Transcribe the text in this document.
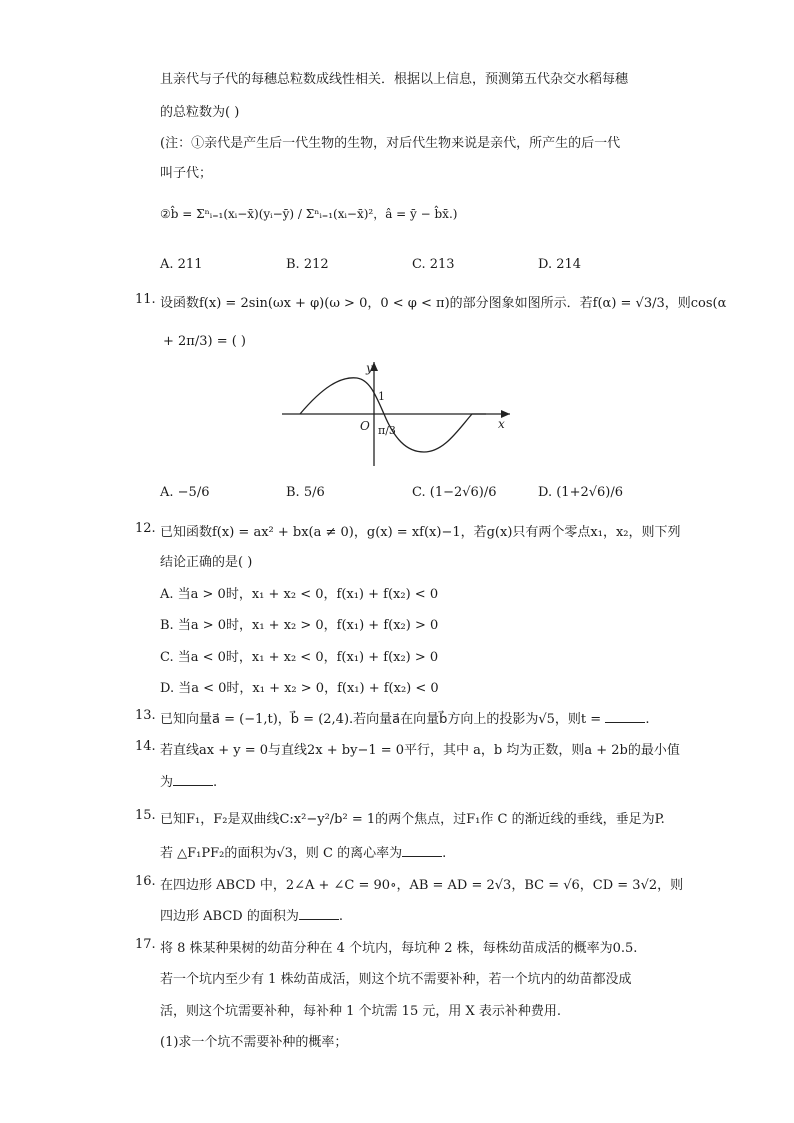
且亲代与子代的每穗总粒数成线性相关．根据以上信息，预测第五代杂交水稻每穗
的总粒数为( )
(注：①亲代是产生后一代生物的生物，对后代生物来说是亲代，所产生的后一代
叫子代；
②b̂ = Σⁿᵢ₌₁(xᵢ−x̄)(yᵢ−ȳ) / Σⁿᵢ₌₁(xᵢ−x̄)²，â = ȳ − b̂x̄.)
A. 211	B. 212	C. 213	D. 214
11. 设函数f(x) = 2sin(ωx + φ)(ω > 0，0 < φ < π)的部分图象如图所示．若f(α) = √3/3，则cos(α
+ 2π/3) = ( )
y
x
O
1
π/3
A. −5/6	B. 5/6	C. (1−2√6)/6	D. (1+2√6)/6
12. 已知函数f(x) = ax² + bx(a ≠ 0)，g(x) = xf(x)−1，若g(x)只有两个零点x₁，x₂，则下列
结论正确的是( )
A. 当a > 0时，x₁ + x₂ < 0，f(x₁) + f(x₂) < 0
B. 当a > 0时，x₁ + x₂ > 0，f(x₁) + f(x₂) > 0
C. 当a < 0时，x₁ + x₂ < 0，f(x₁) + f(x₂) > 0
D. 当a < 0时，x₁ + x₂ > 0，f(x₁) + f(x₂) < 0
13. 已知向量a⃗ = (−1,t)，b⃗ = (2,4).若向量a⃗在向量b⃗方向上的投影为√5，则t =	.
14. 若直线ax + y = 0与直线2x + by−1 = 0平行，其中 a，b 均为正数，则a + 2b的最小值
为	.
15. 已知F₁，F₂是双曲线C:x²−y²/b² = 1的两个焦点，过F₁作 C 的渐近线的垂线，垂足为P.
若 △F₁PF₂的面积为√3，则 C 的离心率为	.
16. 在四边形 ABCD 中，2∠A + ∠C = 90∘，AB = AD = 2√3，BC = √6，CD = 3√2，则
四边形 ABCD 的面积为	.
17. 将 8 株某种果树的幼苗分种在 4 个坑内，每坑种 2 株，每株幼苗成活的概率为0.5.
若一个坑内至少有 1 株幼苗成活，则这个坑不需要补种，若一个坑内的幼苗都没成
活，则这个坑需要补种，每补种 1 个坑需 15 元，用 X 表示补种费用.
(1)求一个坑不需要补种的概率；
